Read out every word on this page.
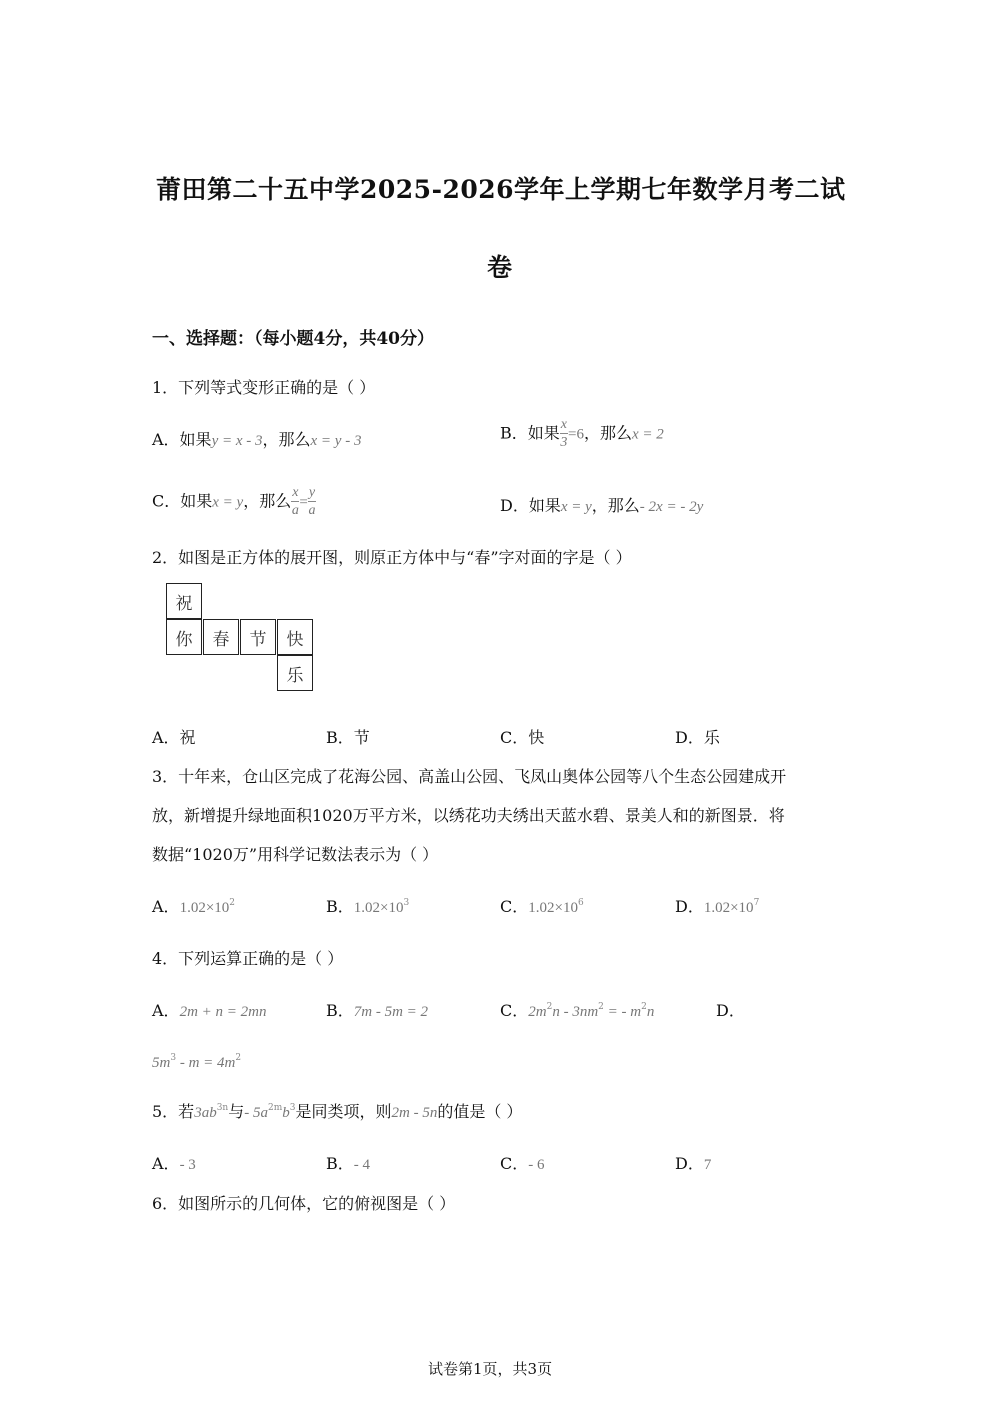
莆田第二十五中学2025-2026学年上学期七年数学月考二试
卷
一、选择题：（每小题4分，共40分）
1．下列等式变形正确的是（ ）
A．如果y = x - 3，那么x = y - 3	B．如果 $\frac{x}{3} =6$，那么x = 2
C．如果x = y，那么 $\frac{x}{a} = \frac{y}{a}$	D．如果x = y，那么- 2x = - 2y
2．如图是正方体的展开图，则原正方体中与“春”字对面的字是（ ）
祝
你	春	节	快
乐
A．祝	B．节	C．快	D．乐
3．十年来，仓山区完成了花海公园、高盖山公园、飞凤山奥体公园等八个生态公园建成开
放，新增提升绿地面积1020万平方米，以绣花功夫绣出天蓝水碧、景美人和的新图景．将
数据“1020万”用科学记数法表示为（ ）
A．$1.02\times 10^2$	B．$1.02\times 10^3$	C．$1.02\times 10^6$	D．$1.02\times 10^7$
4．下列运算正确的是（ ）
A．2m + n = 2mn	B．7m - 5m = 2	C．$2m^2n - 3nm^2$ = - $m^2n$	D．
$5m^3 - m = 4m^2$
5．若$3ab^{3n}$与- $5a^{2m}b^3$是同类项，则2m - 5n的值是（ ）
A．- 3	B．- 4	C．- 6	D．7
6．如图所示的几何体，它的俯视图是（ ）
试卷第1页，共3页
